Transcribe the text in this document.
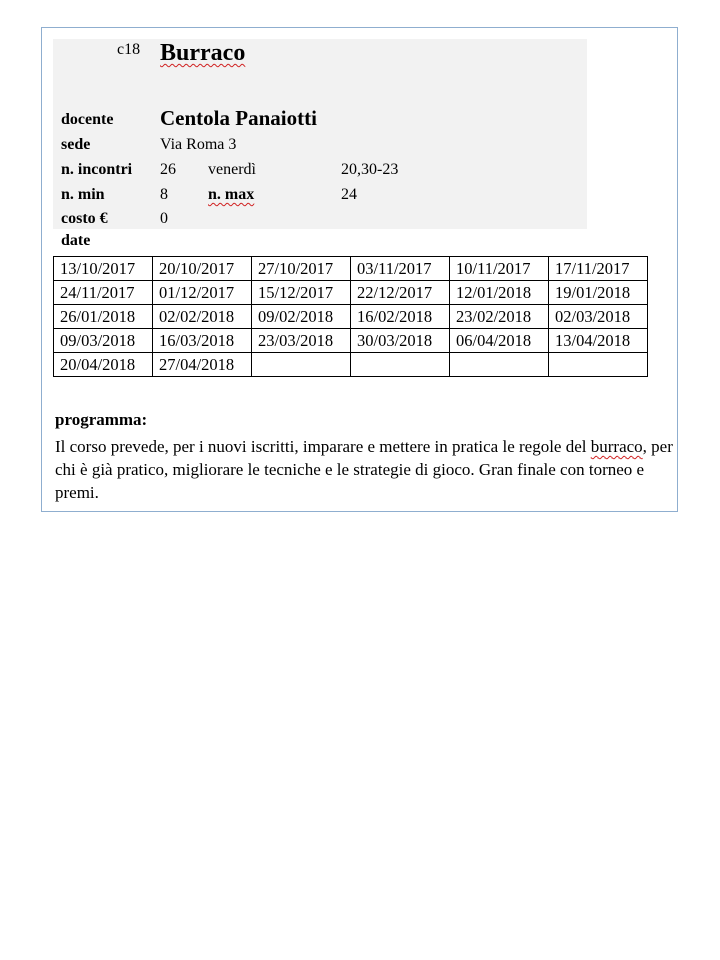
c18 Burraco
docente Centola Panaiotti
sede	Via Roma 3
n. incontri 26 venerdì	20,30-23
n. min	8	n. max	24
costo €	0
date
13/10/2017	20/10/2017	27/10/2017	03/11/2017	10/11/2017	17/11/2017
24/11/2017	01/12/2017	15/12/2017	22/12/2017	12/01/2018	19/01/2018
26/01/2018	02/02/2018	09/02/2018	16/02/2018	23/02/2018	02/03/2018
09/03/2018	16/03/2018	23/03/2018	30/03/2018	06/04/2018	13/04/2018
20/04/2018	27/04/2018				
programma:
Il corso prevede, per i nuovi iscritti, imparare e mettere in pratica le regole del burraco, per chi è già pratico, migliorare le tecniche e le strategie di gioco. Gran finale con torneo e premi.
